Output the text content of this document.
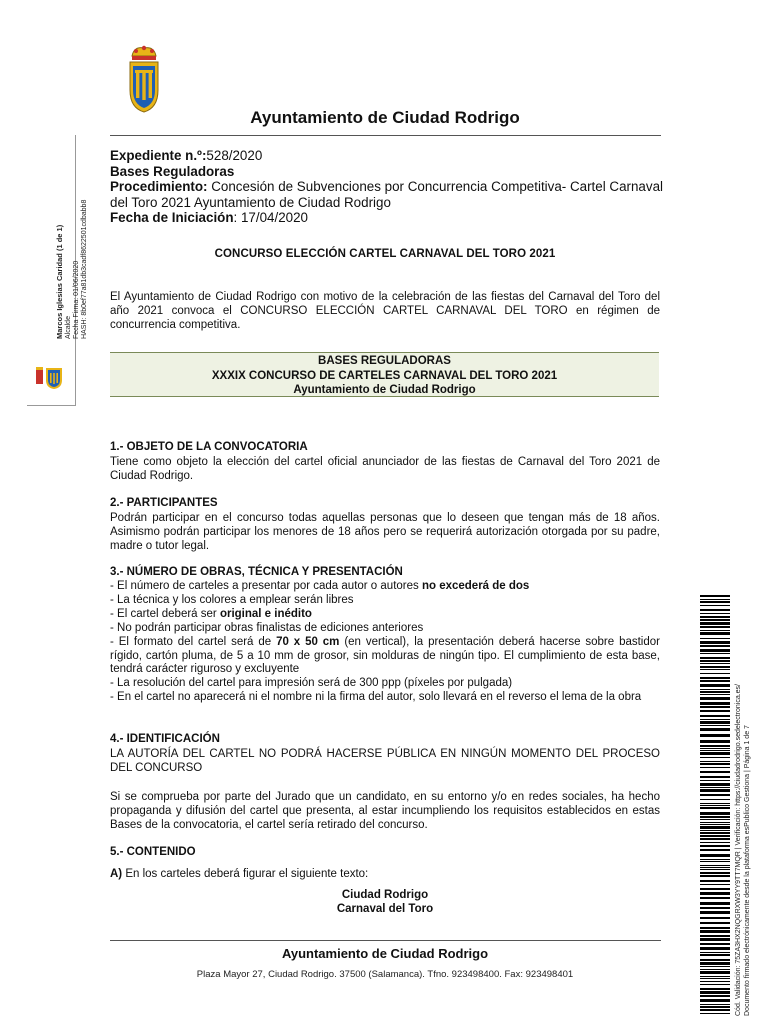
Ayuntamiento de Ciudad Rodrigo
Expediente n.º:528/2020
Bases Reguladoras
Procedimiento: Concesión de Subvenciones por Concurrencia Competitiva- Cartel Carnaval del Toro 2021 Ayuntamiento de Ciudad Rodrigo
Fecha de Iniciación: 17/04/2020
CONCURSO ELECCIÓN CARTEL CARNAVAL DEL TORO 2021
El Ayuntamiento de Ciudad Rodrigo con motivo de la celebración de las fiestas del Carnaval del Toro del año 2021 convoca el CONCURSO ELECCIÓN CARTEL CARNAVAL DEL TORO en régimen de concurrencia competitiva.
BASES REGULADORAS
XXXIX CONCURSO DE CARTELES CARNAVAL DEL TORO 2021
Ayuntamiento de Ciudad Rodrigo
1.- OBJETO DE LA CONVOCATORIA
Tiene como objeto la elección del cartel oficial anunciador de las fiestas de Carnaval del Toro 2021 de Ciudad Rodrigo.
2.- PARTICIPANTES
Podrán participar en el concurso todas aquellas personas que lo deseen que tengan más de 18 años. Asimismo podrán participar los menores de 18 años pero se requerirá autorización otorgada por su padre, madre o tutor legal.
3.- NÚMERO DE OBRAS, TÉCNICA Y PRESENTACIÓN
- El número de carteles a presentar por cada autor o autores no excederá de dos
- La técnica y los colores a emplear serán libres
- El cartel deberá ser original e inédito
- No podrán participar obras finalistas de ediciones anteriores
- El formato del cartel será de 70 x 50 cm (en vertical), la presentación deberá hacerse sobre bastidor rígido, cartón pluma, de 5 a 10 mm de grosor, sin molduras de ningún tipo. El cumplimiento de esta base, tendrá carácter riguroso y excluyente
- La resolución del cartel para impresión será de 300 ppp (píxeles por pulgada)
- En el cartel no aparecerá ni el nombre ni la firma del autor, solo llevará en el reverso el lema de la obra
4.- IDENTIFICACIÓN
LA AUTORÍA DEL CARTEL NO PODRÁ HACERSE PÚBLICA EN NINGÚN MOMENTO DEL PROCESO DEL CONCURSO
Si se comprueba por parte del Jurado que un candidato, en su entorno y/o en redes sociales, ha hecho propaganda y difusión del cartel que presenta, al estar incumpliendo los requisitos establecidos en estas Bases de la convocatoria, el cartel sería retirado del concurso.
5.- CONTENIDO
A) En los carteles deberá figurar el siguiente texto:
Ciudad Rodrigo
Carnaval del Toro
Ayuntamiento de Ciudad Rodrigo
Plaza Mayor 27, Ciudad Rodrigo. 37500 (Salamanca). Tfno. 923498400. Fax: 923498401
Marcos Iglesias Caridad (1 de 1) Alcalde Fecha Firma: 01/06/2020 HASH: 8b0ef77a81db3cadf8622501cdbabb8
Cód. Validación: 75ZA3HX2NQGRXW3YY9TT7MQR | Verificación: https://ciudadrodrigo.sedelectronica.es/ Documento firmado electrónicamente desde la plataforma esPublico Gestiona | Página 1 de 7
